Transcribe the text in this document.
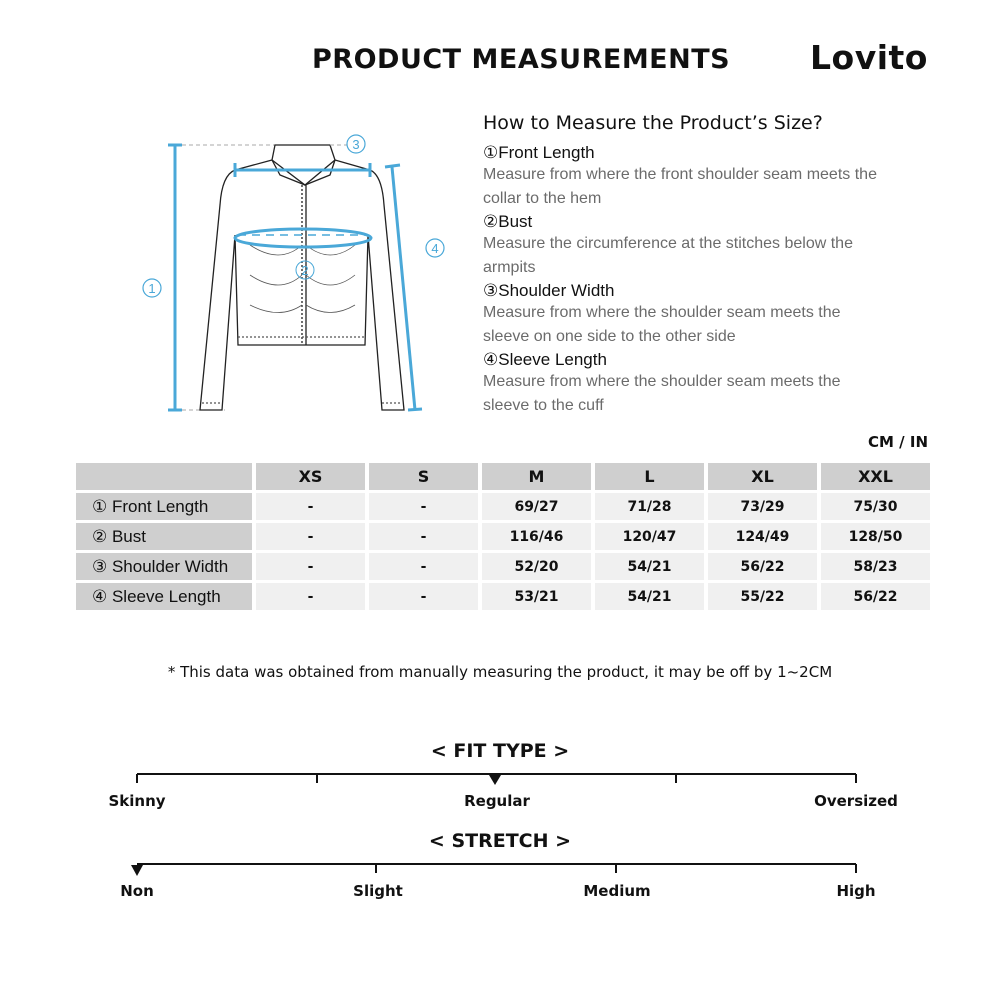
PRODUCT MEASUREMENTS Lovito
1
2
3
4
How to Measure the Product’s Size?
①Front Length
Measure from where the front shoulder seam meets the
collar to the hem
②Bust
Measure the circumference at the stitches below the
armpits
③Shoulder Width
Measure from where the shoulder seam meets the
sleeve on one side to the other side
④Sleeve Length
Measure from where the shoulder seam meets the
sleeve to the cuff
CM / IN
	XS	S	M	L	XL	XXL
① Front Length	-	-	69/27	71/28	73/29	75/30
② Bust	-	-	116/46	120/47	124/49	128/50
③ Shoulder Width	-	-	52/20	54/21	56/22	58/23
④ Sleeve Length	-	-	53/21	54/21	55/22	56/22
* This data was obtained from manually measuring the product, it may be off by 1~2CM
< FIT TYPE >
Skinny	Regular	Oversized
< STRETCH >
Non	Slight	Medium	High
